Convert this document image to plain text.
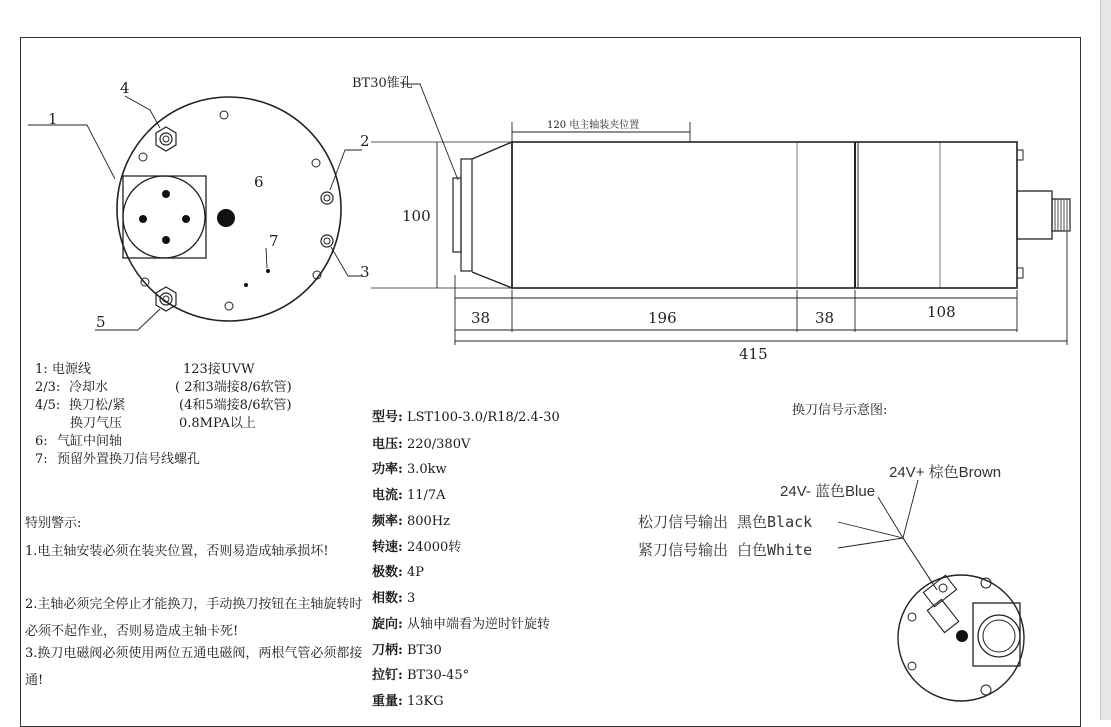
1
4
2
3
5
6
7
BT30锥孔
120 电主轴装夹位置
100
38	196	38	108
415
24V+ 棕色Brown
24V- 蓝色Blue
松刀信号输出 黑色Black
紧刀信号输出 白色White
换刀信号示意图:
1: 电源线	123接UVW
2/3: 冷却水	( 2和3端接8/6软管)
4/5: 换刀松/紧	(4和5端接8/6软管)
换刀气压	0.8MPA以上
6: 气缸中间轴
7: 预留外置换刀信号线螺孔
特别警示:
1.电主轴安装必须在装夹位置，否则易造成轴承损坏!
2.主轴必须完全停止才能换刀，手动换刀按钮在主轴旋转时必须不起作业，否则易造成主轴卡死!
3.换刀电磁阀必须使用两位五通电磁阀，两根气管必须都接通!
型号: LST100-3.0/R18/2.4-30
电压: 220/380V
功率: 3.0kw
电流: 11/7A
频率: 800Hz
转速: 24000转
极数: 4P
相数: 3
旋向: 从轴申端看为逆时针旋转
刀柄: BT30
拉钉: BT30-45°
重量: 13KG
